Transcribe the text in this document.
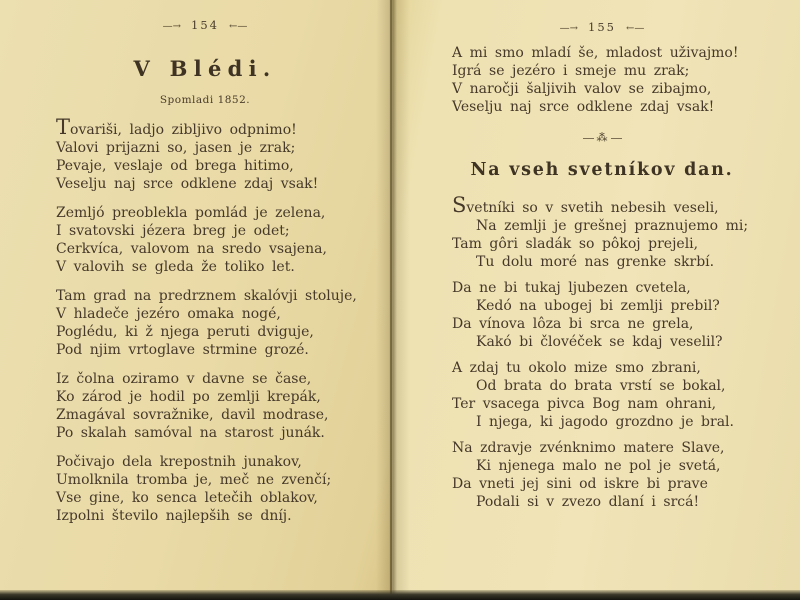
—→ 154 ←—
V Blédi.
Spomladi 1852.
Tovariši, ladjo zibljivo odpnimo!
Valovi prijazni so, jasen je zrak;
Pevaje, veslaje od brega hitimo,
Veselju naj srce odklene zdaj vsak!
Zemljó preoblekla pomlád je zelena,
I svatovski jézera breg je odet;
Cerkvíca, valovom na sredo vsajena,
V valovih se gleda že toliko let.
Tam grad na predrznem skalóvji stoluje,
V hladeče jezéro omaka nogé,
Poglédu, ki ž njega peruti dviguje,
Pod njim vrtoglave strmine grozé.
Iz čolna oziramo v davne se čase,
Ko zárod je hodil po zemlji krepák,
Zmagával sovražnike, davil modrase,
Po skalah samóval na starost junák.
Počivajo dela krepostnih junakov,
Umolknila tromba je, meč ne zvenčí;
Vse gine, ko senca letečih oblakov,
Izpolni število najlepših se dníj.
—→ 155 ←—
A mi smo mladí še, mladost uživajmo!
Igrá se jezéro i smeje mu zrak;
V naročji šaljivih valov se zibajmo,
Veselju naj srce odklene zdaj vsak!
⁂
Na vseh svetníkov dan.
Svetníki so v svetih nebesih veseli,
Na zemlji je grešnej praznujemo mi;
Tam gôri sladák so pôkoj prejeli,
Tu dolu moré nas grenke skrbí.
Da ne bi tukaj ljubezen cvetela,
Kedó na ubogej bi zemlji prebil?
Da vínova lôza bi srca ne grela,
Kakó bi človéček se kdaj veselil?
A zdaj tu okolo mize smo zbrani,
Od brata do brata vrstí se bokal,
Ter vsacega pivca Bog nam ohrani,
I njega, ki jagodo grozdno je bral.
Na zdravje zvénknimo matere Slave,
Ki njenega malo ne pol je svetá,
Da vneti jej sini od iskre bi prave
Podali si v zvezo dlaní i srcá!
